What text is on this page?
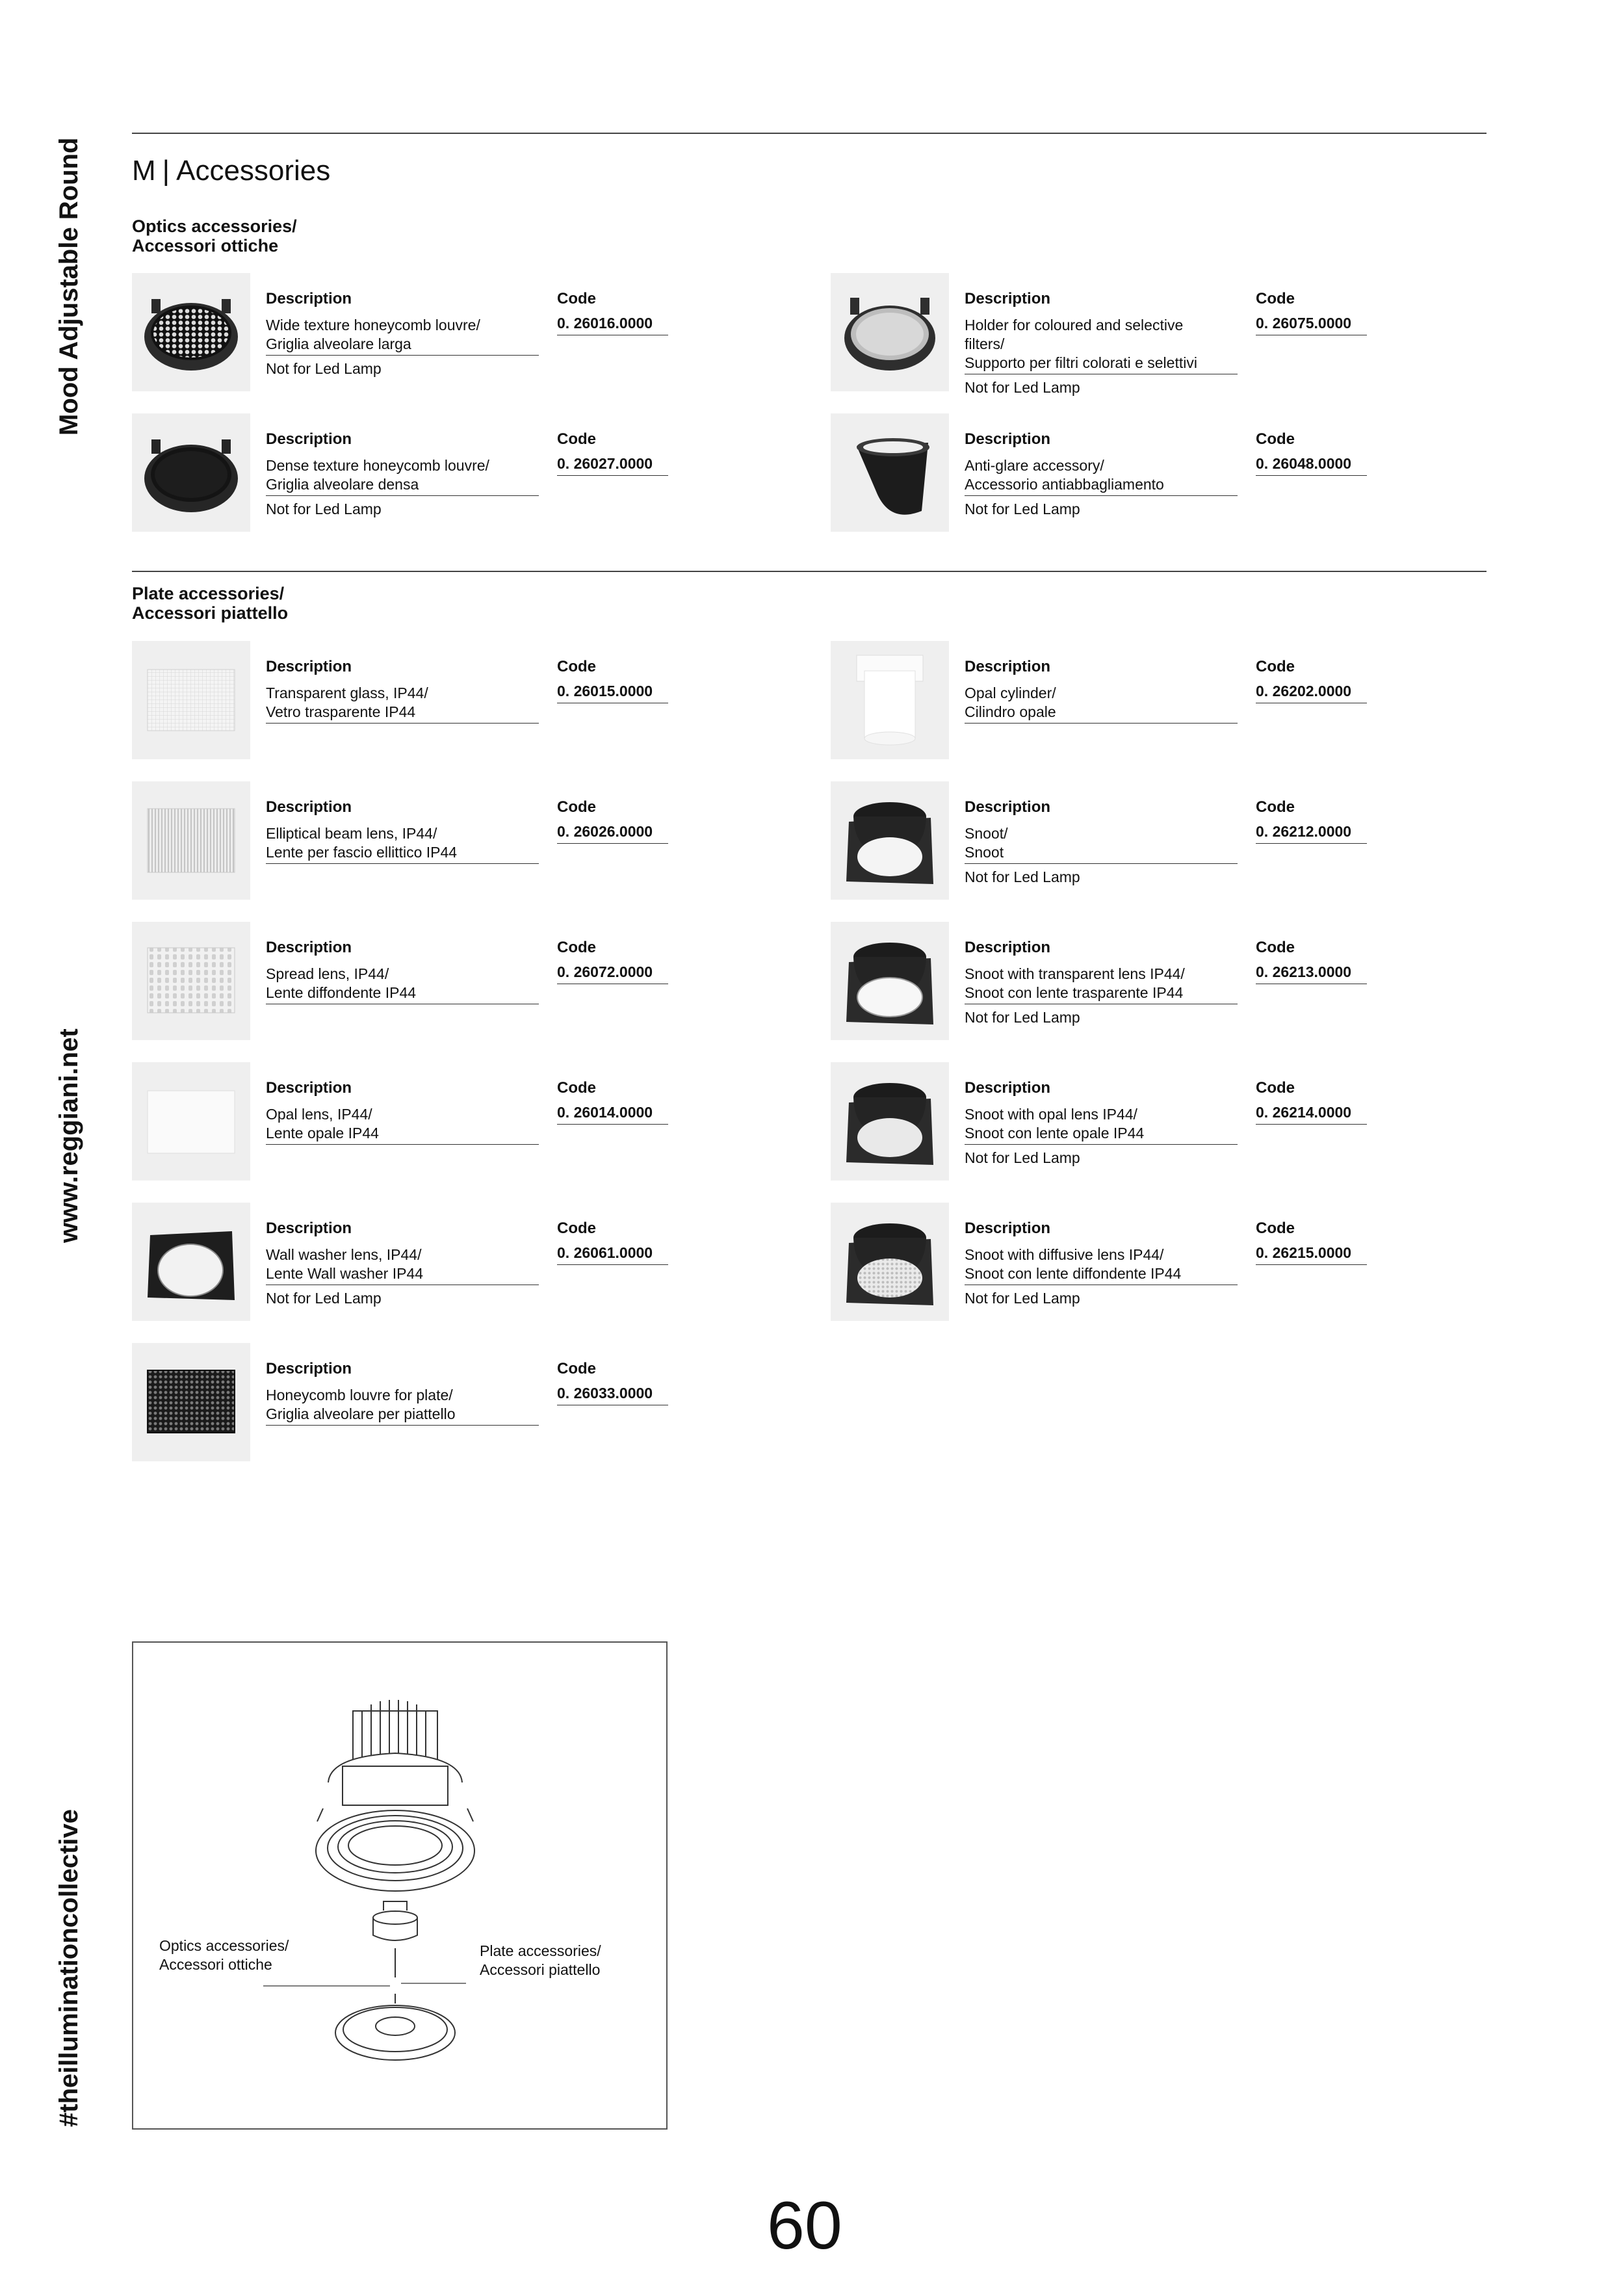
Mood Adjustable Round
www.reggiani.net
#theilluminationcollective
M | Accessories
Optics accessories/
Accessori ottiche
Description	Code
Wide texture honeycomb louvre/
Griglia alveolare larga
Not for Led Lamp
0. 26016.0000
Description	Code
Holder for coloured and selective
filters/
Supporto per filtri colorati e selettivi
Not for Led Lamp
0. 26075.0000
Description	Code
Dense texture honeycomb louvre/
Griglia alveolare densa
Not for Led Lamp
0. 26027.0000
Description	Code
Anti-glare accessory/
Accessorio antiabbagliamento
Not for Led Lamp
0. 26048.0000
Plate accessories/
Accessori piattello
Description	Code
Transparent glass, IP44/
Vetro trasparente IP44
0. 26015.0000
Description	Code
Elliptical beam lens, IP44/
Lente per fascio ellittico IP44
0. 26026.0000
Description	Code
Spread lens, IP44/
Lente diffondente IP44
0. 26072.0000
Description	Code
Opal lens, IP44/
Lente opale IP44
0. 26014.0000
Description	Code
Wall washer lens, IP44/
Lente Wall washer IP44
Not for Led Lamp
0. 26061.0000
Description	Code
Honeycomb louvre for plate/
Griglia alveolare per piattello
0. 26033.0000
Description	Code
Opal cylinder/
Cilindro opale
0. 26202.0000
Description	Code
Snoot/
Snoot
Not for Led Lamp
0. 26212.0000
Description	Code
Snoot with transparent lens IP44/
Snoot con lente trasparente IP44
Not for Led Lamp
0. 26213.0000
Description	Code
Snoot with opal lens IP44/
Snoot con lente opale IP44
Not for Led Lamp
0. 26214.0000
Description	Code
Snoot with diffusive lens IP44/
Snoot con lente diffondente IP44
Not for Led Lamp
0. 26215.0000
Optics accessories/
Accessori ottiche
Plate accessories/
Accessori piattello
60
